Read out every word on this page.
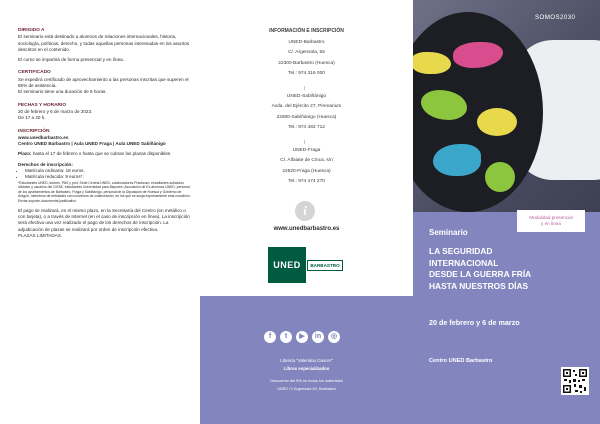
DIRIGIDO A

El seminario está destinado a alumnos de relaciones internacionales, historia, sociología, políticas, derecho, y todas aquellas personas interesadas en los asuntos descritos en el contenido.

El curso se impartirá de forma presencial y en línea.

CERTIFICADO

Se expedirá certificado de aprovechamiento a las personas inscritas que superen el 85% de asistencia.

El seminario tiene una duración de 6 horas.

FECHAS Y HORARIO

20 de febrero y 6 de marzo de 2023.

De 17 a 20 h.

INSCRIPCIÓN

www.unedbarbastro.es

Centro UNED Barbastro | Aula UNED Fraga | Aula UNED Sabiñánigo

Plazo: hasta el 17 de febrero o hasta que se cubran las plazas disponibles.

Derechos de inscripción:

• Matrícula ordinaria: 18 euros.
• Matrícula reducida: 9 euros*.

*Estudiantes UNED, tutores, PAS y prof. Sede Central UNED, colaboradores Prácticum, estudiantes activados oficiales y usuarios del CIFAE, estudiantes Universidad para Mayores, Asociación de Ex-alumnos UNED, personal de los ayuntamientos de Barbastro, Fraga y Sabiñánigo, personal de la Diputación de Huesca y Gobierno de Aragón, miembros de entidades con convenios de colaboración, en los que se acoja expresamente esta condición. Enviar soporte documental justificativo.

El pago se realizará, en el mismo plazo, en la Secretaría del Centro (en metálico o con tarjeta), o a través de Internet (en el caso de inscripción en línea). La inscripción será efectiva una vez realizado el pago de los derechos de inscripción. La adjudicación de plazas se realizará por orden de inscripción efectiva.

PLAZAS LIMITADAS.

INFORMACIÓN E INSCRIPCIÓN
UNED-Barbastro
C/. Argensola, 55
22300-Barbastro (Huesca)
Tel.: 974 316 000
UNED-Sabiñánigo
Avda. del Ejército 27, Pirenarium
22600-Sabiñánigo (Huesca)
Tel.: 974 483 712
UNED-Fraga
C/. Alfaiate de Cinca, s/n
22520-Fraga (Huesca)
Tel.: 974 474 270
i
www.unedbarbastro.es
UNED	BARBASTRO
f	t	▶	in	◎
Librería "Valentina Cancer"
Libros especializados
Descuento del 5% en todos los materiales
UNED C/ Argensola 60, Barbastro
SOMOS2030
Modalidad presencial
y en línea
Seminario
LA SEGURIDAD
INTERNACIONAL
DESDE LA GUERRA FRÍA
HASTA NUESTROS DÍAS
20 de febrero y 6 de marzo
Centro UNED Barbastro
